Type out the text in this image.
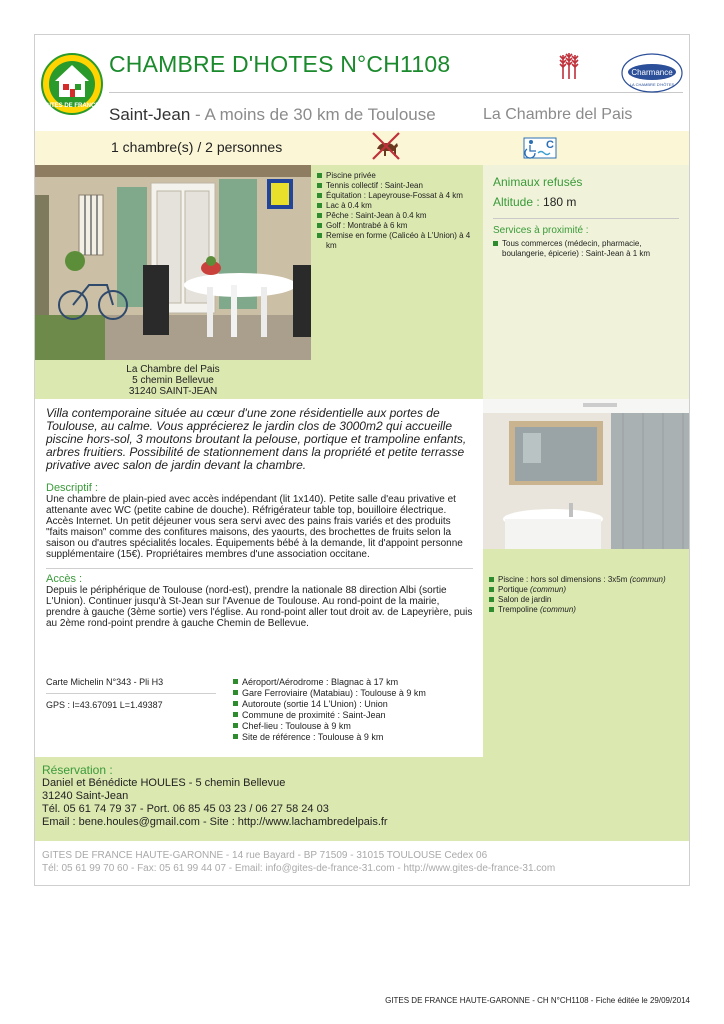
GITES DE FRANCE
CHAMBRE D'HOTES N°CH1108	Charmance
LA CHAMBRE D'HÔTES
Saint-Jean - A moins de 30 km de Toulouse	La Chambre del Pais
1 chambre(s) / 2 personnes	C
La Chambre del Pais
5 chemin Bellevue
31240 SAINT-JEAN
Piscine privée
Tennis collectif : Saint-Jean
Équitation : Lapeyrouse-Fossat à 4 km
Lac à 0.4 km
Pêche : Saint-Jean à 0.4 km
Golf : Montrabé à 6 km
Remise en forme (Calicéo à L'Union) à 4 km
Animaux refusés
Altitude : 180 m
Services à proximité :
Tous commerces (médecin, pharmacie, boulangerie, épicerie) : Saint-Jean à 1 km
Villa contemporaine située au cœur d'une zone résidentielle aux portes de Toulouse, au calme. Vous apprécierez le jardin clos de 3000m2 qui accueille piscine hors-sol, 3 moutons broutant la pelouse, portique et trampoline enfants, arbres fruitiers. Possibilité de stationnement dans la propriété et petite terrasse privative avec salon de jardin devant la chambre.
Descriptif :
Une chambre de plain-pied avec accès indépendant (lit 1x140). Petite salle d'eau privative et attenante avec WC (petite cabine de douche). Réfrigérateur table top, bouilloire électrique. Accès Internet. Un petit déjeuner vous sera servi avec des pains frais variés et des produits "faits maison" comme des confitures maisons, des yaourts, des brochettes de fruits selon la saison ou d'autres spécialités locales. Équipements bébé à la demande, lit d'appoint personne supplémentaire (15€). Propriétaires membres d'une association occitane.
Accès :
Depuis le périphérique de Toulouse (nord-est), prendre la nationale 88 direction Albi (sortie L'Union). Continuer jusqu'à St-Jean sur l'Avenue de Toulouse. Au rond-point de la mairie, prendre à gauche (3ème sortie) vers l'église. Au rond-point aller tout droit av. de Lapeyrière, puis au 2ème rond-point prendre à gauche Chemin de Bellevue.
Piscine : hors sol dimensions : 3x5m (commun)
Portique (commun)
Salon de jardin
Trempoline (commun)
Carte Michelin N°343 - Pli H3
GPS : l=43.67091 L=1.49387
Aéroport/Aérodrome : Blagnac à 17 km
Gare Ferroviaire (Matabiau) : Toulouse à 9 km
Autoroute (sortie 14 L'Union) : Union
Commune de proximité : Saint-Jean
Chef-lieu : Toulouse à 9 km
Site de référence : Toulouse à 9 km
Réservation :
Daniel et Bénédicte HOULES - 5 chemin Bellevue
31240 Saint-Jean
Tél. 05 61 74 79 37 - Port. 06 85 45 03 23 / 06 27 58 24 03
Email : bene.houles@gmail.com - Site : http://www.lachambredelpais.fr
GITES DE FRANCE HAUTE-GARONNE - 14 rue Bayard - BP 71509 - 31015 TOULOUSE Cedex 06
Tél: 05 61 99 70 60 - Fax: 05 61 99 44 07 - Email: info@gites-de-france-31.com - http://www.gites-de-france-31.com
GITES DE FRANCE HAUTE-GARONNE - CH N°CH1108 - Fiche éditée le 29/09/2014
